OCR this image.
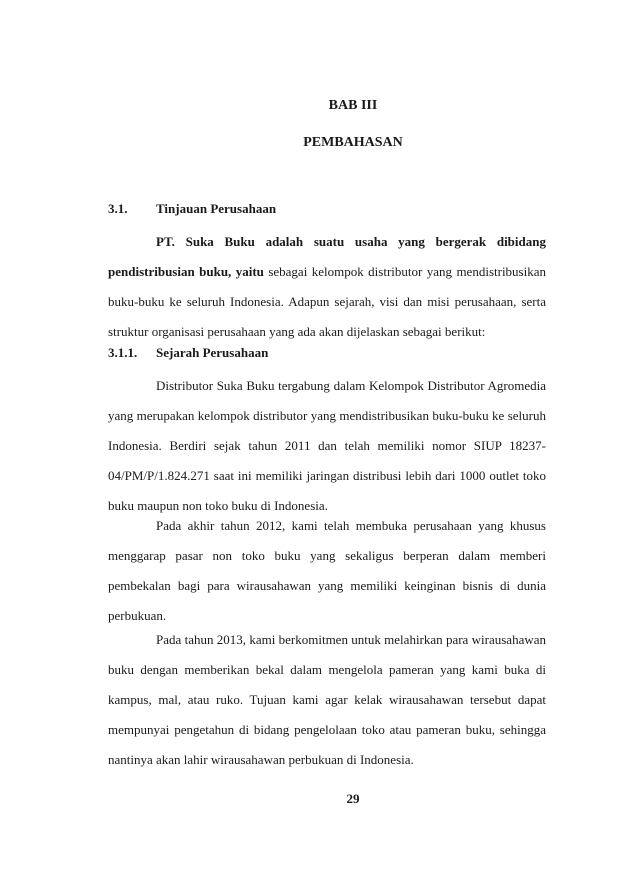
BAB III
PEMBAHASAN

3.1. Tinjauan Perusahaan

PT. Suka Buku adalah suatu usaha yang bergerak dibidang pendistribusian buku, yaitu sebagai kelompok distributor yang mendistribusikan buku-buku ke seluruh Indonesia. Adapun sejarah, visi dan misi perusahaan, serta struktur organisasi perusahaan yang ada akan dijelaskan sebagai berikut:

3.1.1. Sejarah Perusahaan

Distributor Suka Buku tergabung dalam Kelompok Distributor Agromedia yang merupakan kelompok distributor yang mendistribusikan buku-buku ke seluruh Indonesia. Berdiri sejak tahun 2011 dan telah memiliki nomor SIUP 18237-04/PM/P/1.824.271 saat ini memiliki jaringan distribusi lebih dari 1000 outlet toko buku maupun non toko buku di Indonesia.

Pada akhir tahun 2012, kami telah membuka perusahaan yang khusus menggarap pasar non toko buku yang sekaligus berperan dalam memberi pembekalan bagi para wirausahawan yang memiliki keinginan bisnis di dunia perbukuan.

Pada tahun 2013, kami berkomitmen untuk melahirkan para wirausahawan buku dengan memberikan bekal dalam mengelola pameran yang kami buka di kampus, mal, atau ruko. Tujuan kami agar kelak wirausahawan tersebut dapat mempunyai pengetahun di bidang pengelolaan toko atau pameran buku, sehingga nantinya akan lahir wirausahawan perbukuan di Indonesia.

29
